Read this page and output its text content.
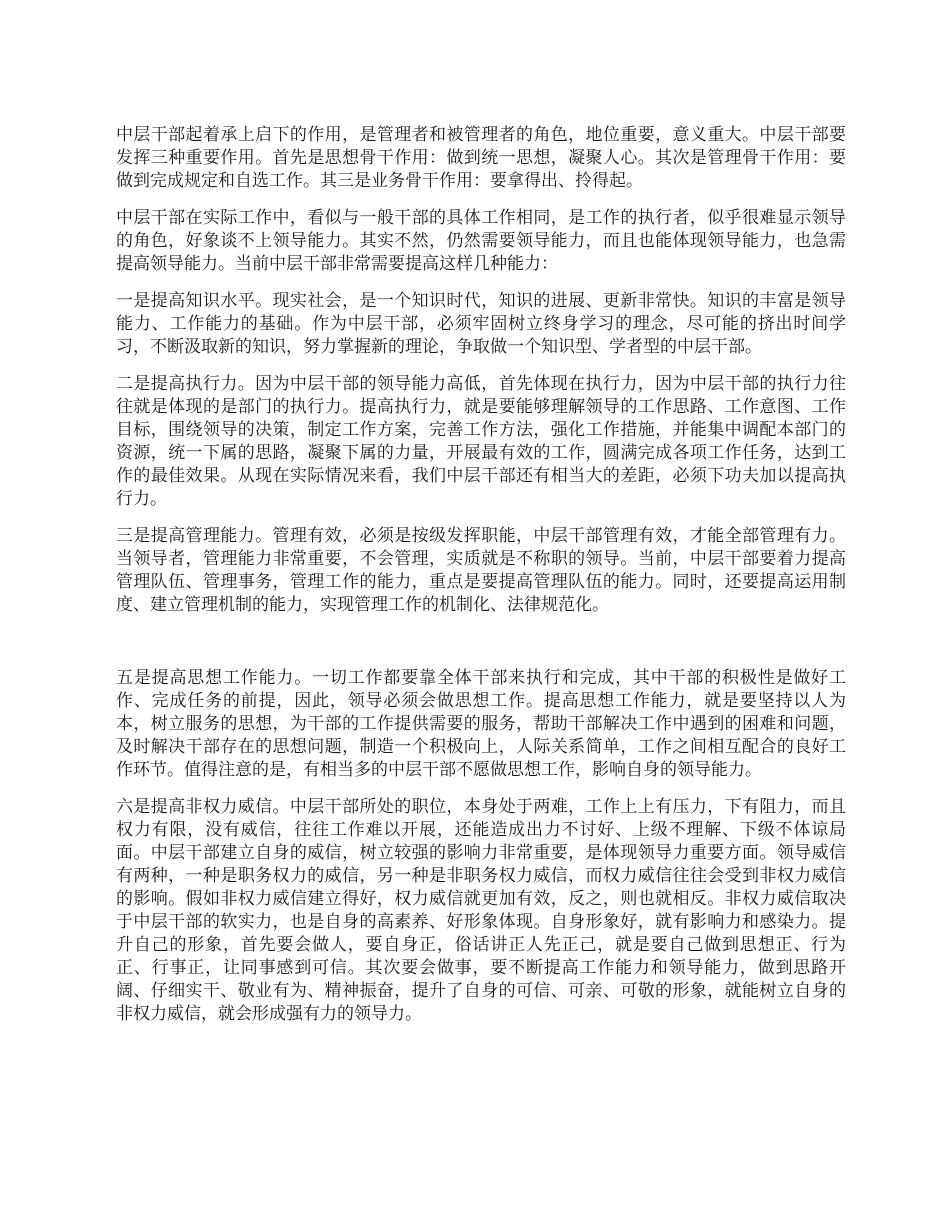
中层干部起着承上启下的作用，是管理者和被管理者的角色，地位重要，意义重大。中层干部要发挥三种重要作用。首先是思想骨干作用：做到统一思想，凝聚人心。其次是管理骨干作用：要做到完成规定和自选工作。其三是业务骨干作用：要拿得出、拎得起。

中层干部在实际工作中，看似与一般干部的具体工作相同，是工作的执行者，似乎很难显示领导的角色，好象谈不上领导能力。其实不然，仍然需要领导能力，而且也能体现领导能力，也急需提高领导能力。当前中层干部非常需要提高这样几种能力：

一是提高知识水平。现实社会，是一个知识时代，知识的进展、更新非常快。知识的丰富是领导能力、工作能力的基础。作为中层干部，必须牢固树立终身学习的理念，尽可能的挤出时间学习，不断汲取新的知识，努力掌握新的理论，争取做一个知识型、学者型的中层干部。

二是提高执行力。因为中层干部的领导能力高低，首先体现在执行力，因为中层干部的执行力往往就是体现的是部门的执行力。提高执行力，就是要能够理解领导的工作思路、工作意图、工作目标，围绕领导的决策，制定工作方案，完善工作方法，强化工作措施，并能集中调配本部门的资源，统一下属的思路，凝聚下属的力量，开展最有效的工作，圆满完成各项工作任务，达到工作的最佳效果。从现在实际情况来看，我们中层干部还有相当大的差距，必须下功夫加以提高执行力。

三是提高管理能力。管理有效，必须是按级发挥职能，中层干部管理有效，才能全部管理有力。当领导者，管理能力非常重要，不会管理，实质就是不称职的领导。当前，中层干部要着力提高管理队伍、管理事务，管理工作的能力，重点是要提高管理队伍的能力。同时，还要提高运用制度、建立管理机制的能力，实现管理工作的机制化、法律规范化。

五是提高思想工作能力。一切工作都要靠全体干部来执行和完成，其中干部的积极性是做好工作、完成任务的前提，因此，领导必须会做思想工作。提高思想工作能力，就是要坚持以人为本，树立服务的思想，为干部的工作提供需要的服务，帮助干部解决工作中遇到的困难和问题，及时解决干部存在的思想问题，制造一个积极向上，人际关系简单，工作之间相互配合的良好工作环节。值得注意的是，有相当多的中层干部不愿做思想工作，影响自身的领导能力。

六是提高非权力威信。中层干部所处的职位，本身处于两难，工作上上有压力，下有阻力，而且权力有限，没有威信，往往工作难以开展，还能造成出力不讨好、上级不理解、下级不体谅局面。中层干部建立自身的威信，树立较强的影响力非常重要，是体现领导力重要方面。领导威信有两种，一种是职务权力的威信，另一种是非职务权力威信，而权力威信往往会受到非权力威信的影响。假如非权力威信建立得好，权力威信就更加有效，反之，则也就相反。非权力威信取决于中层干部的软实力，也是自身的高素养、好形象体现。自身形象好，就有影响力和感染力。提升自己的形象，首先要会做人，要自身正，俗话讲正人先正己，就是要自己做到思想正、行为正、行事正，让同事感到可信。其次要会做事，要不断提高工作能力和领导能力，做到思路开阔、仔细实干、敬业有为、精神振奋，提升了自身的可信、可亲、可敬的形象，就能树立自身的非权力威信，就会形成强有力的领导力。
